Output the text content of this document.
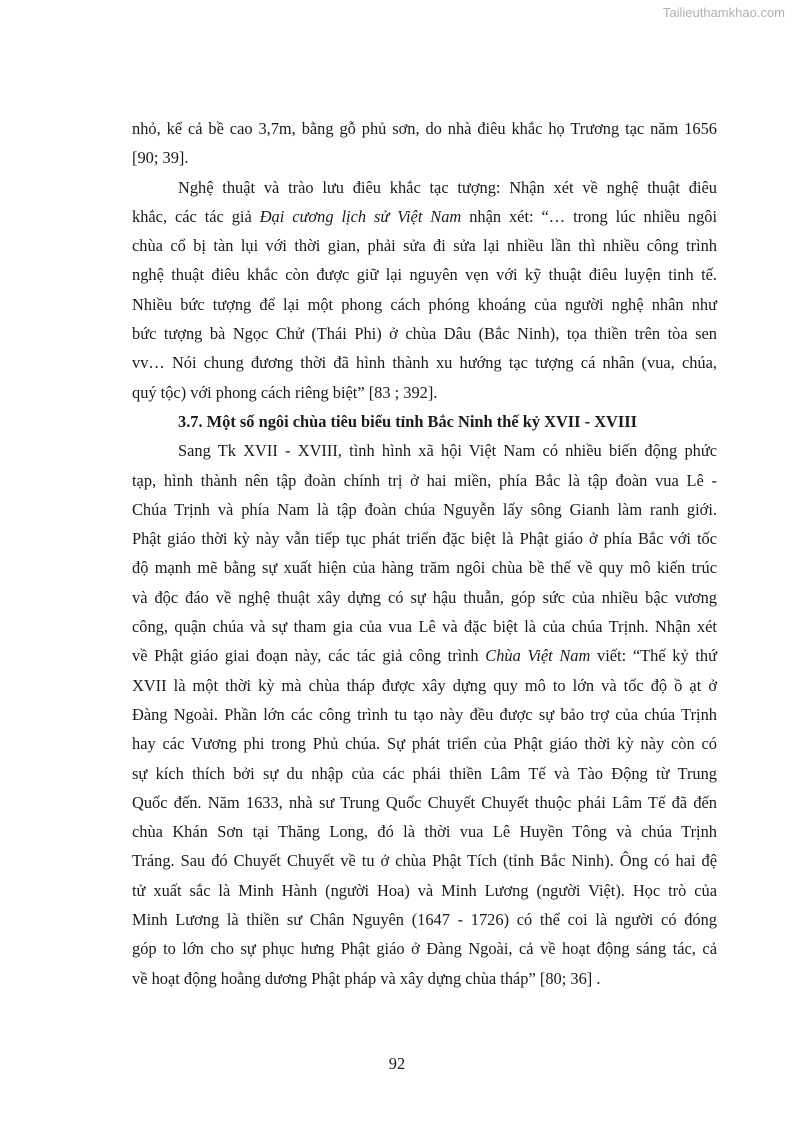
Tailieuthamkhao.com
nhỏ, kể cả bề cao 3,7m, bằng gỗ phủ sơn, do nhà điêu khắc họ Trương tạc năm 1656
[90; 39].
Nghệ thuật và trào lưu điêu khắc tạc tượng: Nhận xét về nghệ thuật điêu
khắc, các tác giả Đại cương lịch sử Việt Nam nhận xét: “… trong lúc nhiều ngôi
chùa cổ bị tàn lụi với thời gian, phải sửa đi sửa lại nhiều lần thì nhiều công trình
nghệ thuật điêu khắc còn được giữ lại nguyên vẹn với kỹ thuật điêu luyện tinh tế.
Nhiều bức tượng để lại một phong cách phóng khoáng của người nghệ nhân như
bức tượng bà Ngọc Chử (Thái Phi) ở chùa Dâu (Bắc Ninh), tọa thiền trên tòa sen
vv… Nói chung đương thời đã hình thành xu hướng tạc tượng cá nhân (vua, chúa,
quý tộc) với phong cách riêng biệt” [83 ; 392].
3.7. Một số ngôi chùa tiêu biểu tỉnh Bắc Ninh thế kỷ XVII - XVIII
Sang Tk XVII - XVIII, tình hình xã hội Việt Nam có nhiều biến động phức
tạp, hình thành nên tập đoàn chính trị ở hai miền, phía Bắc là tập đoàn vua Lê -
Chúa Trịnh và phía Nam là tập đoàn chúa Nguyễn lấy sông Gianh làm ranh giới.
Phật giáo thời kỳ này vẫn tiếp tục phát triển đặc biệt là Phật giáo ở phía Bắc với tốc
độ mạnh mẽ bằng sự xuất hiện của hàng trăm ngôi chùa bề thế về quy mô kiến trúc
và độc đáo về nghệ thuật xây dựng có sự hậu thuẫn, góp sức của nhiều bậc vương
công, quận chúa và sự tham gia của vua Lê và đặc biệt là của chúa Trịnh. Nhận xét
về Phật giáo giai đoạn này, các tác giả công trình Chùa Việt Nam viết: “Thế kỷ thứ
XVII là một thời kỳ mà chùa tháp được xây dựng quy mô to lớn và tốc độ ồ ạt ở
Đàng Ngoài. Phần lớn các công trình tu tạo này đều được sự bảo trợ của chúa Trịnh
hay các Vương phi trong Phủ chúa. Sự phát triển của Phật giáo thời kỳ này còn có
sự kích thích bởi sự du nhập của các phái thiền Lâm Tế và Tào Động từ Trung
Quốc đến. Năm 1633, nhà sư Trung Quốc Chuyết Chuyết thuộc phái Lâm Tế đã đến
chùa Khán Sơn tại Thăng Long, đó là thời vua Lê Huyền Tông và chúa Trịnh
Tráng. Sau đó Chuyết Chuyết về tu ở chùa Phật Tích (tỉnh Bắc Ninh). Ông có hai đệ
tử xuất sắc là Minh Hành (người Hoa) và Minh Lương (người Việt). Học trò của
Minh Lương là thiền sư Chân Nguyên (1647 - 1726) có thể coi là người có đóng
góp to lớn cho sự phục hưng Phật giáo ở Đàng Ngoài, cả về hoạt động sáng tác, cả
về hoạt động hoằng dương Phật pháp và xây dựng chùa tháp” [80; 36] .
92
